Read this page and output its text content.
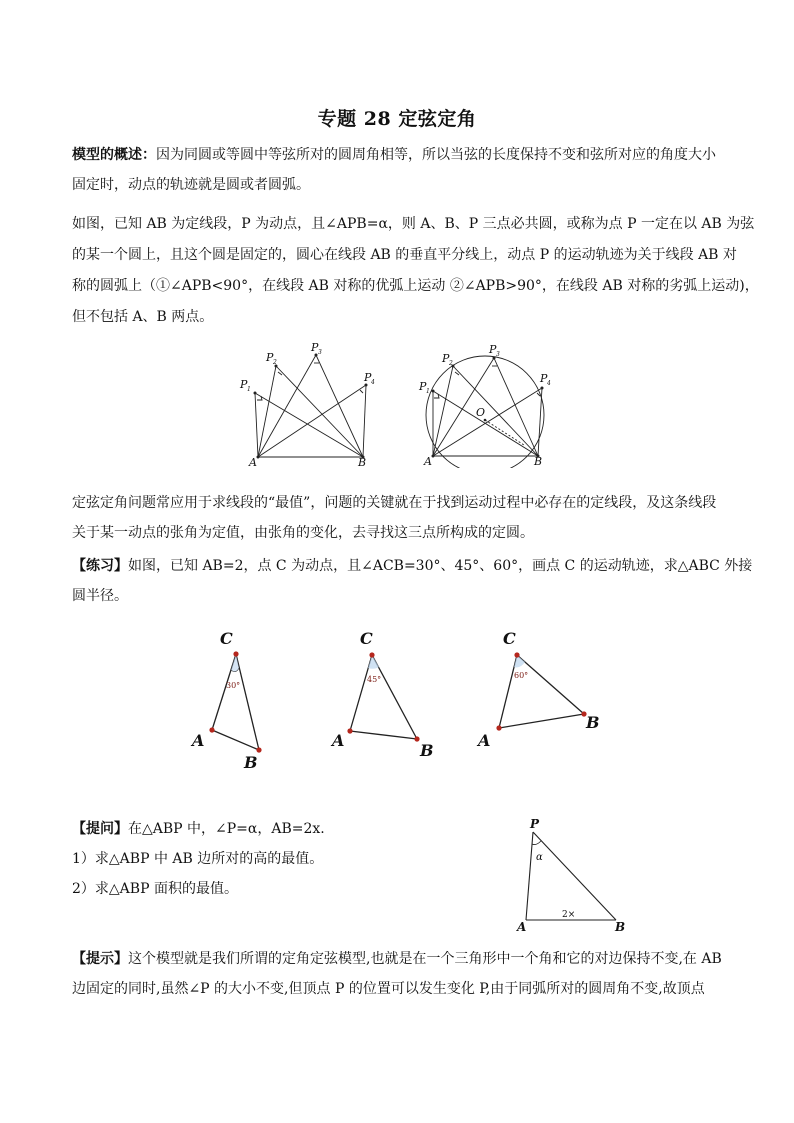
专题 28 定弦定角

模型的概述：因为同圆或等圆中等弦所对的圆周角相等，所以当弦的长度保持不变和弦所对应的角度大小
固定时，动点的轨迹就是圆或者圆弧。

如图，已知 AB 为定线段，P 为动点，且∠APB=α，则 A、B、P 三点必共圆，或称为点 P 一定在以 AB 为弦
的某一个圆上，且这个圆是固定的，圆心在线段 AB 的垂直平分线上，动点 P 的运动轨迹为关于线段 AB 对
称的圆弧上（①∠APB<90°，在线段 AB 对称的优弧上运动 ②∠APB>90°，在线段 AB 对称的劣弧上运动)，
但不包括 A、B 两点。

A	B
P 1
P 2
P 3
P 4
A	B
O
P 1
P 2
P 3
P 4

定弦定角问题常应用于求线段的“最值”，问题的关键就在于找到运动过程中必存在的定线段，及这条线段
关于某一动点的张角为定值，由张角的变化，去寻找这三点所构成的定圆。

【练习】如图，已知 AB=2，点 C 为动点，且∠ACB=30°、45°、60°，画点 C 的运动轨迹，求△ABC 外接
圆半径。

C
A
B
30°
C
A
B
45°
C
A
B
60°

【提问】在△ABP 中，∠P=α，AB=2x.
1）求△ABP 中 AB 边所对的高的最值。
2）求△ABP 面积的最值。

P
A	B
α
2×

【提示】这个模型就是我们所谓的定角定弦模型,也就是在一个三角形中一个角和它的对边保持不变,在 AB
边固定的同时,虽然∠P 的大小不变,但顶点 P 的位置可以发生变化 P,由于同弧所对的圆周角不变,故顶点
